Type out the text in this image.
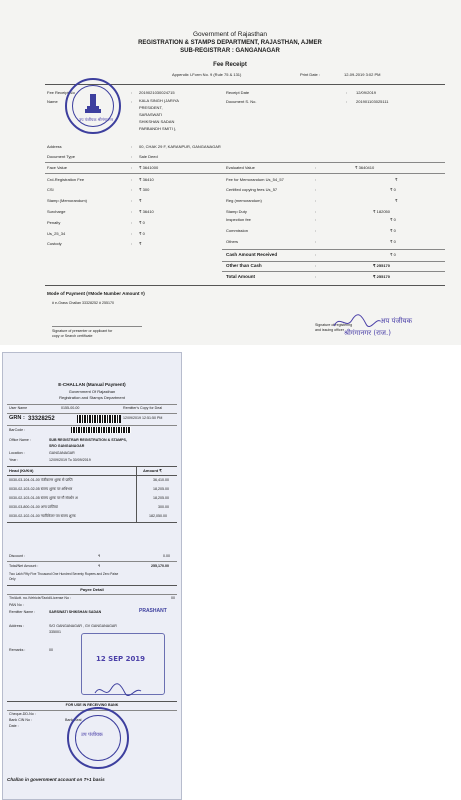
Government of Rajasthan
REGISTRATION & STAMPS DEPARTMENT, RAJASTHAN, AJMER
SUB-REGISTRAR : GANGANAGAR
Fee Receipt
Appendix I-Form No. 9 (Rule 75 & 131)	Print Date :	12-09-2019 3:02 PM
Fee Receipt No	: 2019021030024715
Name	: KALA SINGH (JARIYA
PRESIDENT,
SARASWATI
SHIKSHAN SADAN
PARBANDH SMITI ),
Receipt Date	: 12/09/2019
Document S. No.	: 201901103025111
Address	: 00, CHAK 29 F, KARANPUR, GANGANAGAR
Document Type	: Sale Deed
Face Value	: ₹ 3641000	Evaluated Value	:	₹ 3640410
Crd-Registration Fee	: ₹ 36410
CSI	: ₹ 300
Stamp (Memorandum)	: ₹
Surcharge	: ₹ 36410
Penalty	: ₹ 0
Us_25_34	: ₹ 0
Custody	: ₹
Fee for Memorandum Us_54_57	:	₹
Certified copying fees Us_57	:	₹ 0
Reg (memorandum)	:	₹
Stamp Duty	:	₹ 182050
Inspection fee	:	₹ 0
Commission	:	₹ 0
Others	:	₹ 0
Cash Amount Received	:	₹ 0
Other than Cash	:	₹ 255170
Total Amount	:	₹ 255170
Mode of Payment (#Mode Number Amount #)
# e-Grass Challan 33328252 # 255170
Signature of presenter or applicant for
copy or Search certificate
Signature of registering
and issuing officer
अप पंजीयक
श्रीगंगानगर (राज.)
उप पंजीयक श्रीगंगानगर
E-CHALLAN (Manual Payment)
Government Of Rajasthan
Registration and Stamps Department
User Name	0155-00-00	Remitter's Copy for Deal
GRN : 33328252	12/09/2019 12:51:50 PM
BarCode :
Office Name :	SUB REGISTRAR REGISTRATION & STAMPS,
SRO GANGANAGAR
Location :	GANGANAGAR
Year :	12/09/2019 To 30/09/2019
Head (Kt/Ktt)	Amount ₹
0030-03-104-01-00 पंजीकरण शुल्क से प्राप्ति	36,410.00
0030-02-103-02-05 स्टाम्प शुल्क पर अधिभार	18,205.00
0030-02-103-01-05 स्टाम्प शुल्क पर गौ संवर्धन अ	18,205.00
0030-03-800-01-00 अन्य प्राप्तियां	300.00
0030-02-102-01-00 न्यायिकेत्तर पत्र स्टाम्प शुल्क	182,050.00
Discount :	₹	0.00
Total/Net Amount :	₹	255,170.00
Two Lakh Fifty Five Thousand One Hundred Seventy Rupees and Zero Paise
Only
Payee Detail
Tin/Actt. no./Vehicle/Taxid/License No :	00
PAN No :
Remitter Name :	SARSWATI SHIKSHAN SADAN	PRASHANT
Address :	S/O GANGANAGAR , GV GANGANAGAR
335001
Remarks :	00
12 SEP 2019
FOR USE IN RECEIVING BANK
Cheque-DD-No :
Bank CIN No :
Date :
Bank Seal
उप पंजीयक
Challan in government account on T+1 basis
